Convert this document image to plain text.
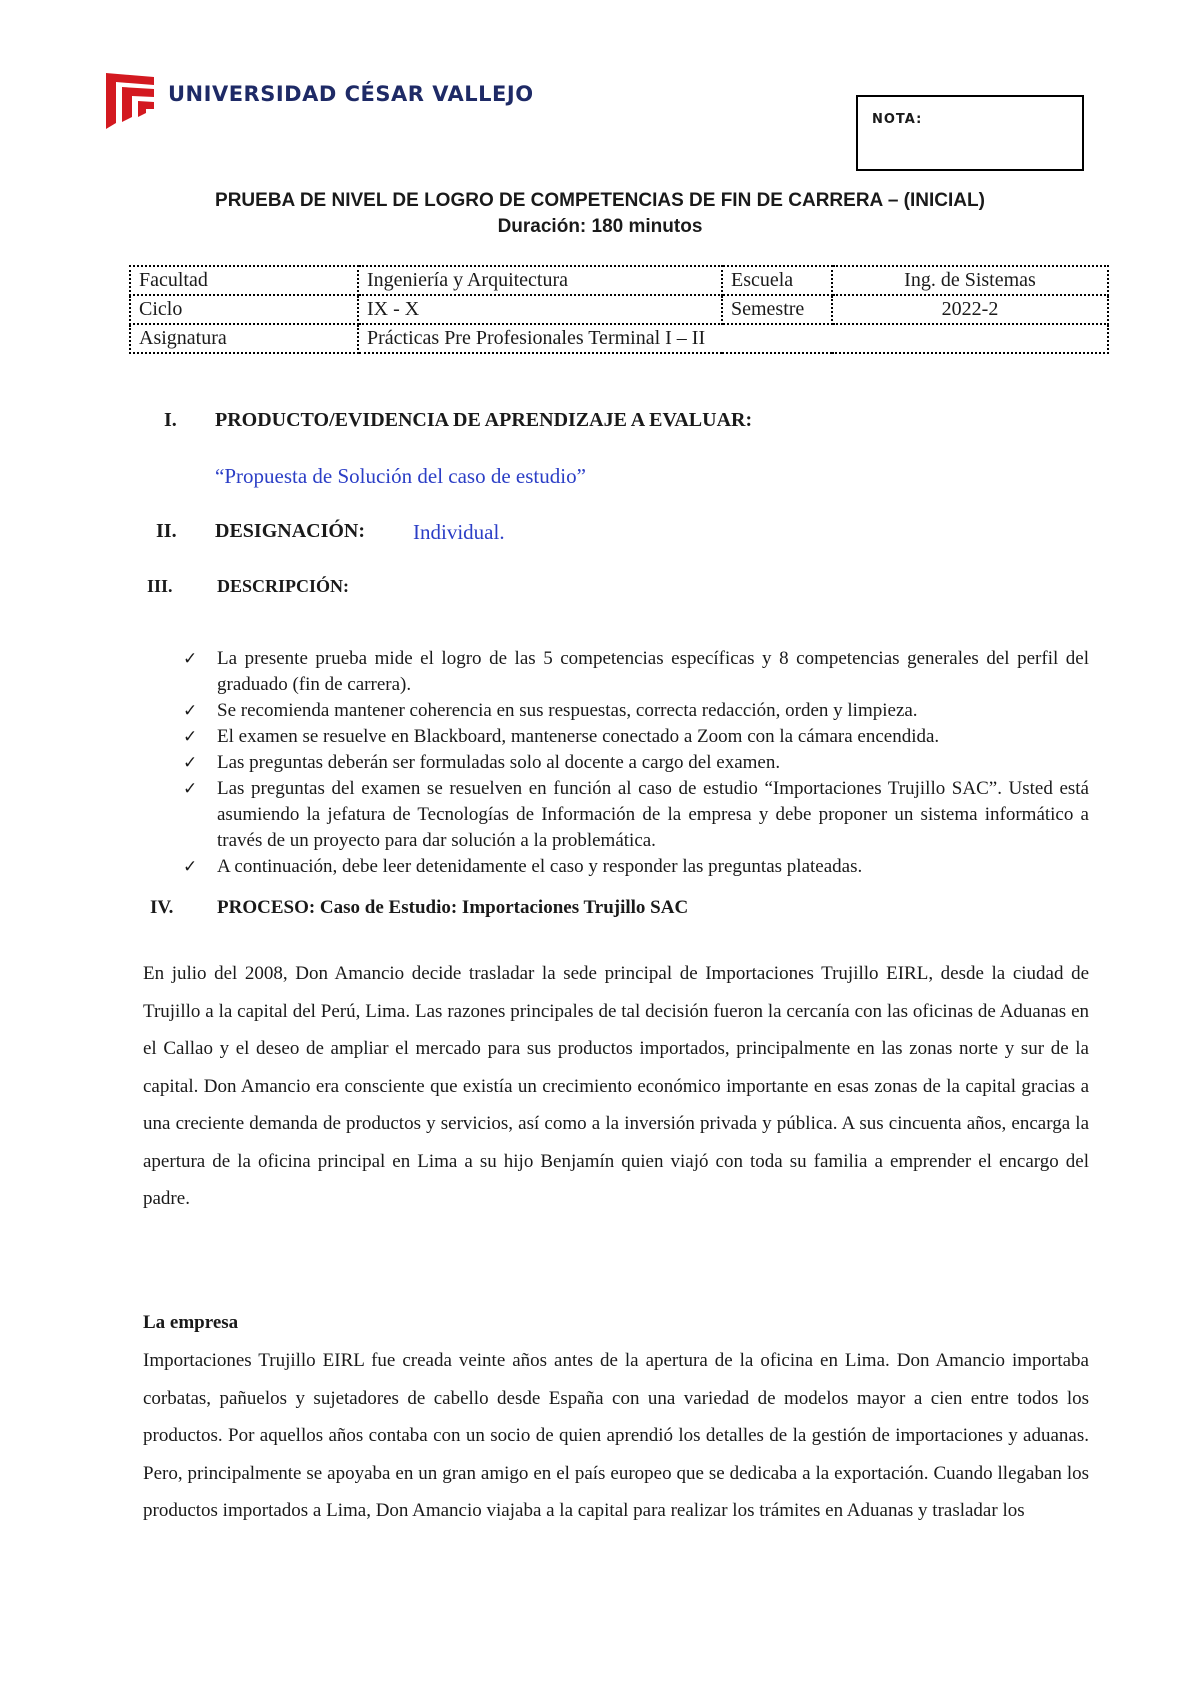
UNIVERSIDAD CÉSAR VALLEJO
NOTA:
PRUEBA DE NIVEL DE LOGRO DE COMPETENCIAS DE FIN DE CARRERA – (INICIAL)
Duración: 180 minutos
Facultad	Ingeniería y Arquitectura	Escuela	Ing. de Sistemas
Ciclo	IX - X	Semestre	2022-2
Asignatura	Prácticas Pre Profesionales Terminal I – II		
I. PRODUCTO/EVIDENCIA DE APRENDIZAJE A EVALUAR:
“Propuesta de Solución del caso de estudio”
II. DESIGNACIÓN: Individual.
III. DESCRIPCIÓN:
✓ La presente prueba mide el logro de las 5 competencias específicas y 8 competencias generales del perfil del graduado (fin de carrera).
✓ Se recomienda mantener coherencia en sus respuestas, correcta redacción, orden y limpieza.
✓ El examen se resuelve en Blackboard, mantenerse conectado a Zoom con la cámara encendida.
✓ Las preguntas deberán ser formuladas solo al docente a cargo del examen.
✓ Las preguntas del examen se resuelven en función al caso de estudio “Importaciones Trujillo SAC”. Usted está asumiendo la jefatura de Tecnologías de Información de la empresa y debe proponer un sistema informático a través de un proyecto para dar solución a la problemática.
✓ A continuación, debe leer detenidamente el caso y responder las preguntas plateadas.
IV. PROCESO: Caso de Estudio: Importaciones Trujillo SAC

En julio del 2008, Don Amancio decide trasladar la sede principal de Importaciones Trujillo EIRL, desde la ciudad de Trujillo a la capital del Perú, Lima. Las razones principales de tal decisión fueron la cercanía con las oficinas de Aduanas en el Callao y el deseo de ampliar el mercado para sus productos importados, principalmente en las zonas norte y sur de la capital. Don Amancio era consciente que existía un crecimiento económico importante en esas zonas de la capital gracias a una creciente demanda de productos y servicios, así como a la inversión privada y pública. A sus cincuenta años, encarga la apertura de la oficina principal en Lima a su hijo Benjamín quien viajó con toda su familia a emprender el encargo del padre.

La empresa

Importaciones Trujillo EIRL fue creada veinte años antes de la apertura de la oficina en Lima. Don Amancio importaba corbatas, pañuelos y sujetadores de cabello desde España con una variedad de modelos mayor a cien entre todos los productos. Por aquellos años contaba con un socio de quien aprendió los detalles de la gestión de importaciones y aduanas. Pero, principalmente se apoyaba en un gran amigo en el país europeo que se dedicaba a la exportación. Cuando llegaban los productos importados a Lima, Don Amancio viajaba a la capital para realizar los trámites en Aduanas y trasladar los
